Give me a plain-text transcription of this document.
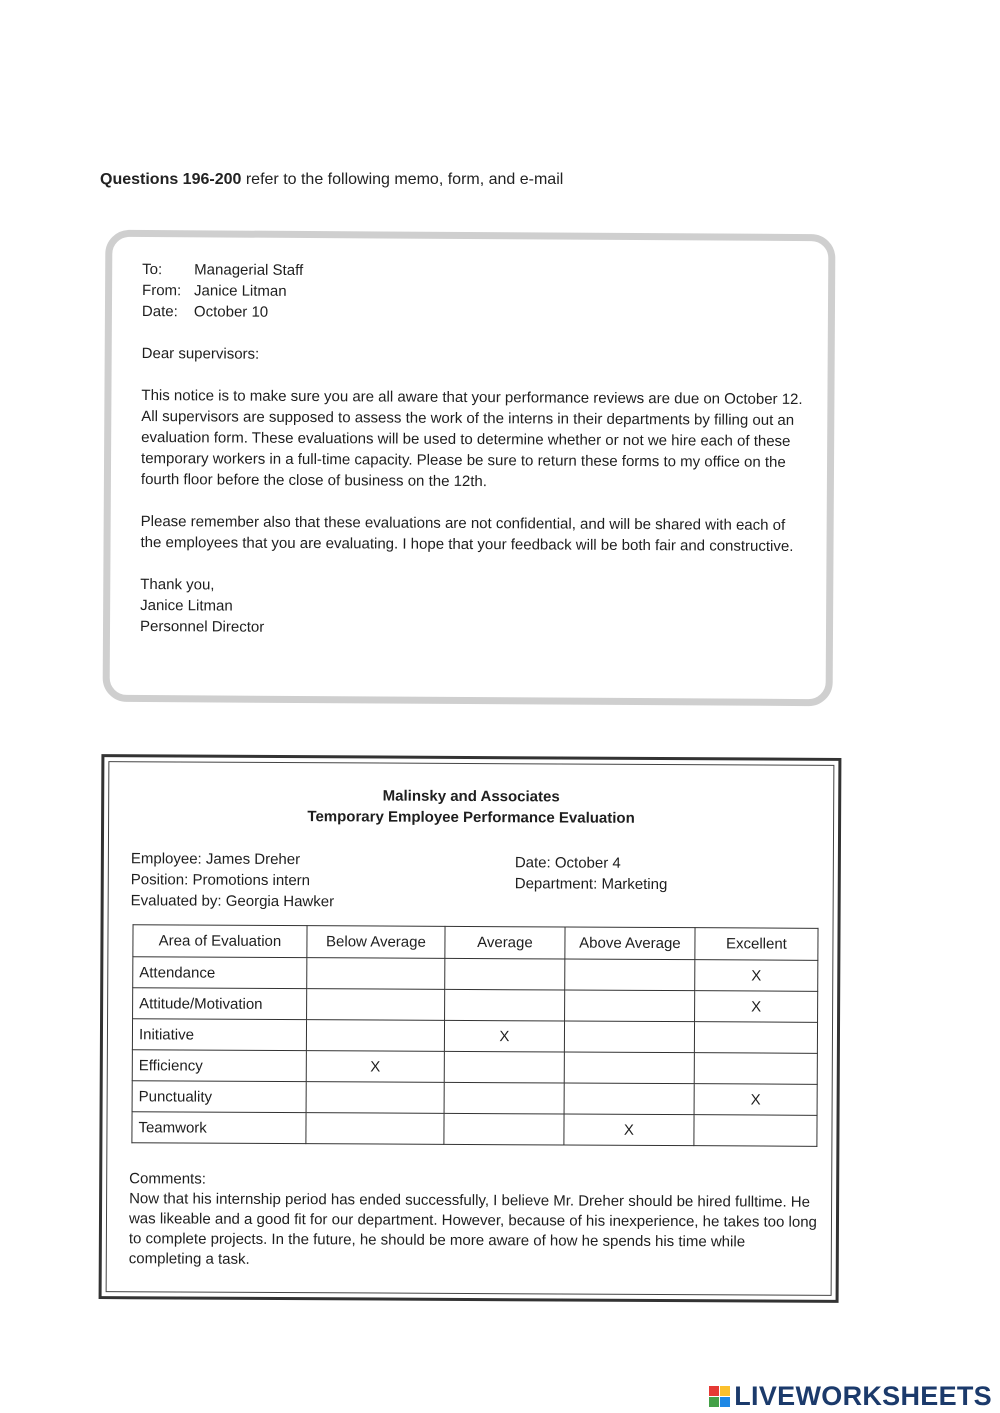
Questions 196-200 refer to the following memo, form, and e-mail
To:	Managerial Staff
From: Janice Litman
Date:	October 10

Dear supervisors:

This notice is to make sure you are all aware that your performance reviews are due on October 12. All supervisors are supposed to assess the work of the interns in their departments by filling out an evaluation form. These evaluations will be used to determine whether or not we hire each of these temporary workers in a full-time capacity. Please be sure to return these forms to my office on the fourth floor before the close of business on the 12th.

Please remember also that these evaluations are not confidential, and will be shared with each of the employees that you are evaluating. I hope that your feedback will be both fair and constructive.

Thank you,

Janice Litman

Personnel Director

Malinsky and Associates
Temporary Employee Performance Evaluation
Employee: James Dreher
Position: Promotions intern
Evaluated by: Georgia Hawker
Date: October 4
Department: Marketing
Area of Evaluation	Below Average	Average	Above Average	Excellent
Attendance				X
Attitude/Motivation				X
Initiative		X		
Efficiency	X			
Punctuality				X
Teamwork			X	
Comments:
Now that his internship period has ended successfully, I believe Mr. Dreher should be hired fulltime. He was likeable and a good fit for our department. However, because of his inexperience, he takes too long to complete projects. In the future, he should be more aware of how he spends his time while completing a task.
LIVEWORKSHEETS
